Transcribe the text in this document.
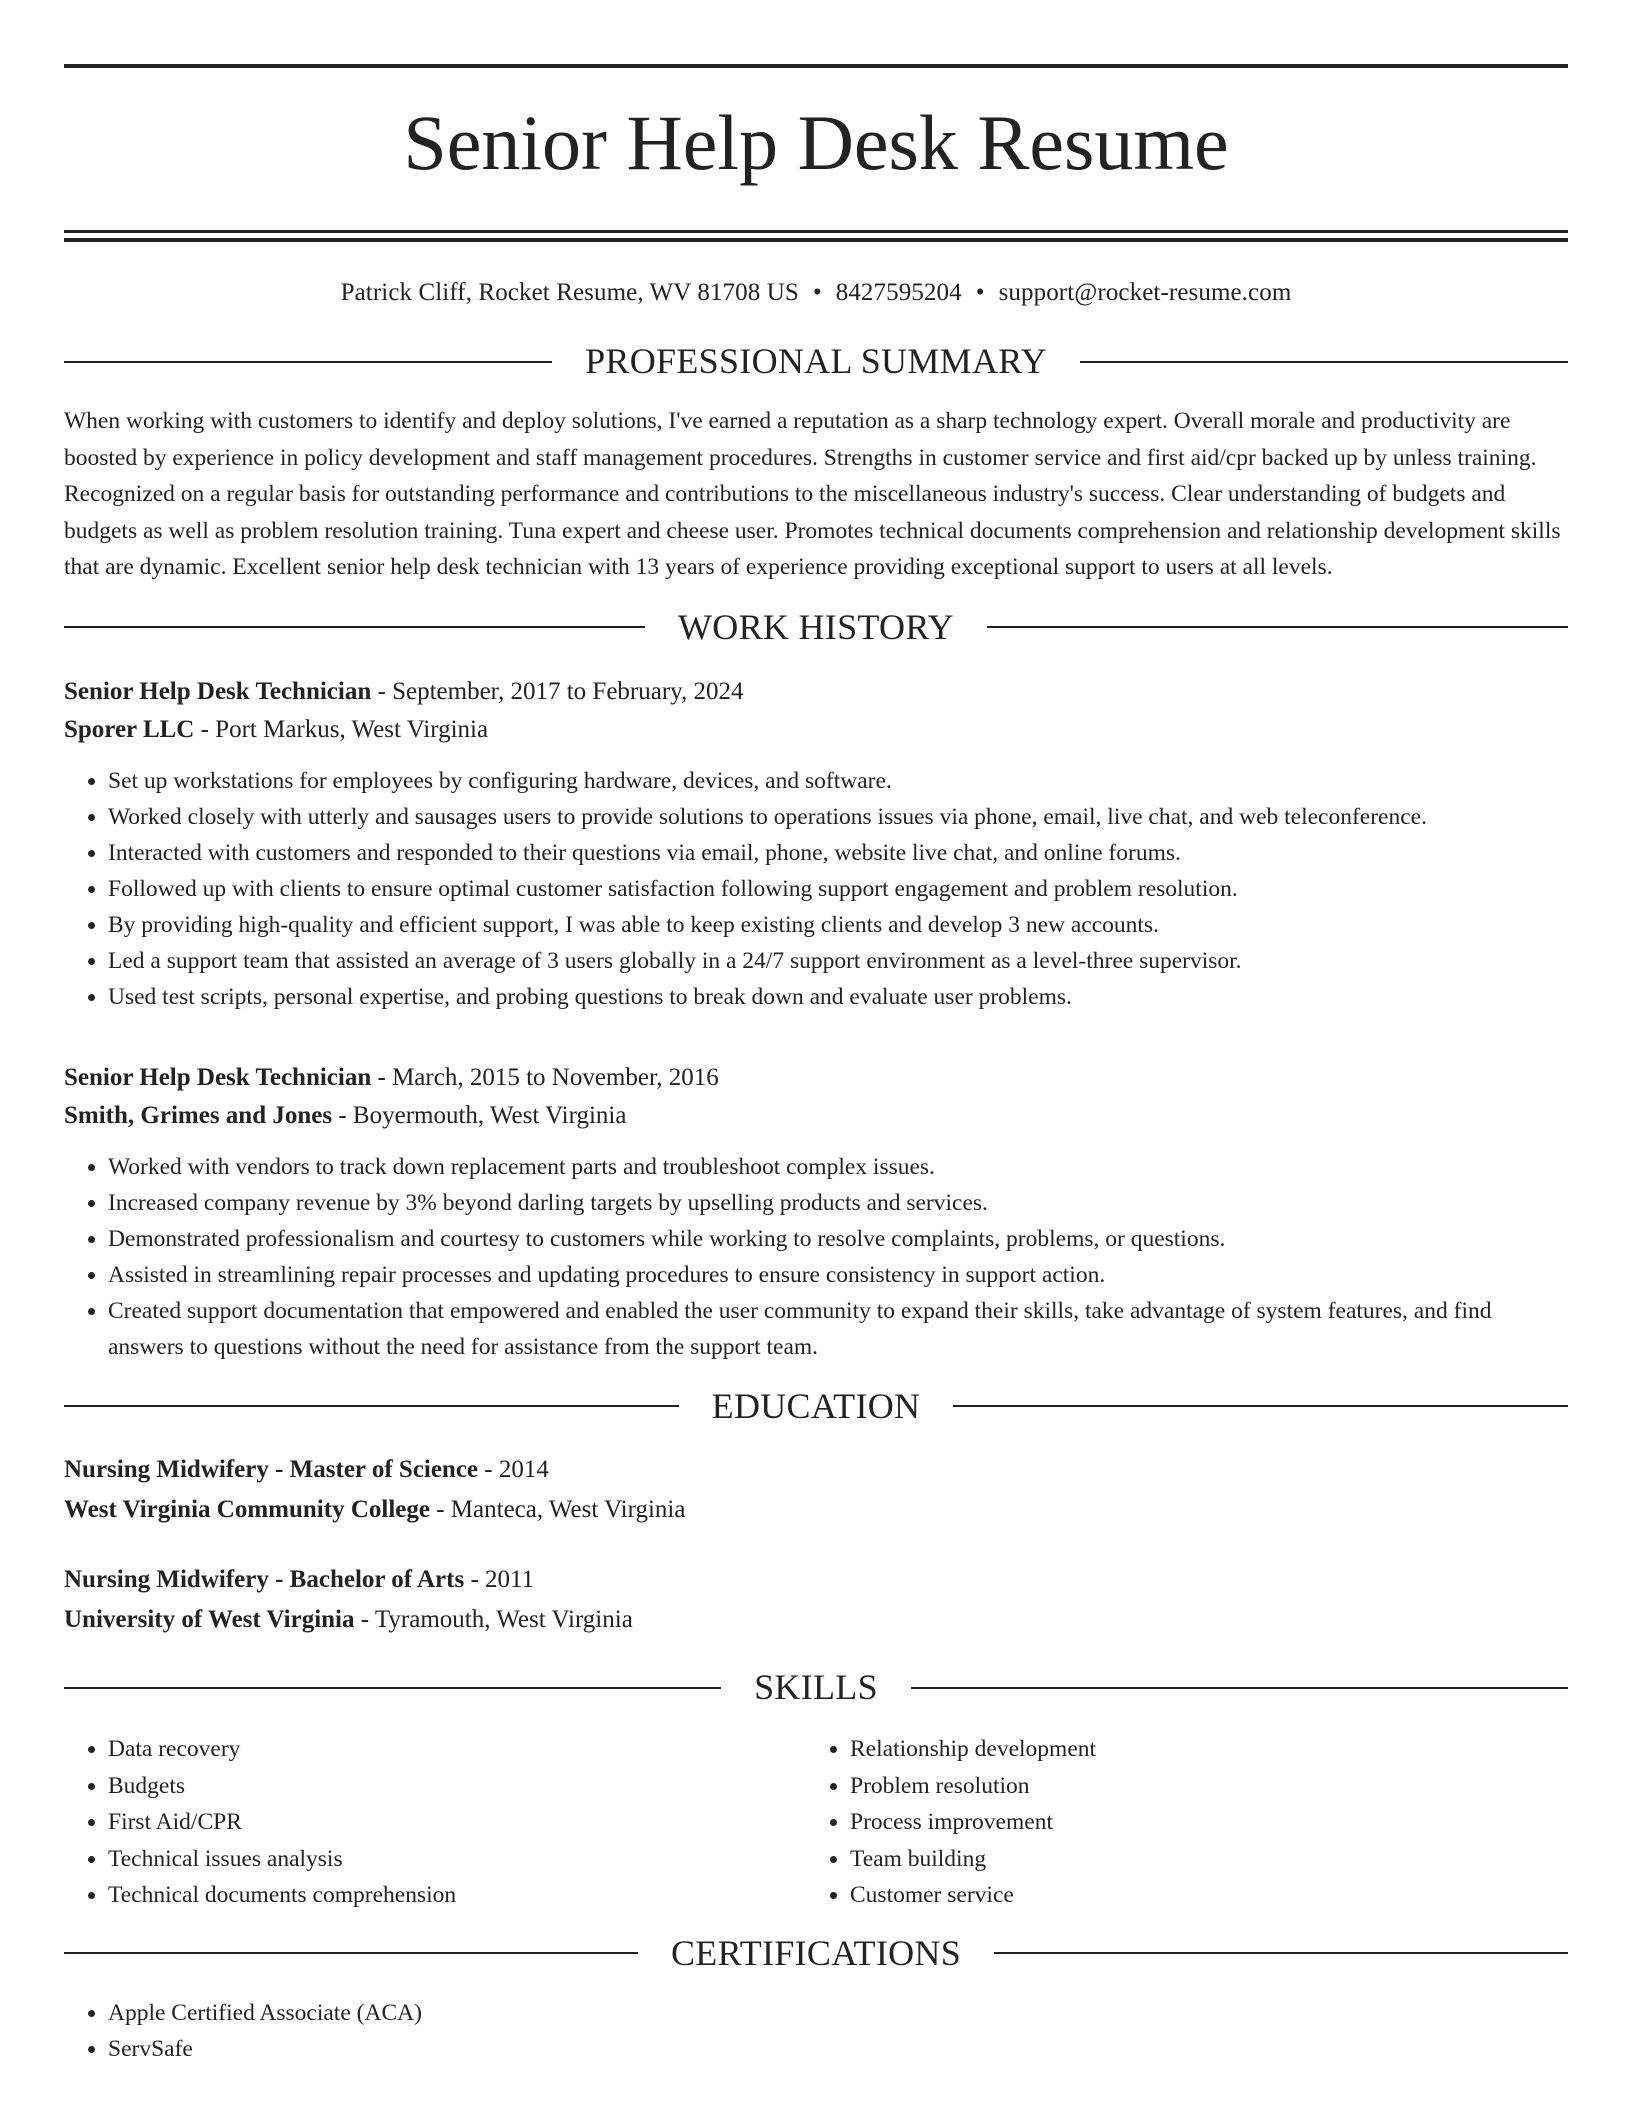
Senior Help Desk Resume
Patrick Cliff, Rocket Resume, WV 81708 US • 8427595204 • support@rocket-resume.com
PROFESSIONAL SUMMARY

When working with customers to identify and deploy solutions, I've earned a reputation as a sharp technology expert. Overall morale and productivity are boosted by experience in policy development and staff management procedures. Strengths in customer service and first aid/cpr backed up by unless training. Recognized on a regular basis for outstanding performance and contributions to the miscellaneous industry's success. Clear understanding of budgets and budgets as well as problem resolution training. Tuna expert and cheese user. Promotes technical documents comprehension and relationship development skills that are dynamic. Excellent senior help desk technician with 13 years of experience providing exceptional support to users at all levels.

WORK HISTORY
Senior Help Desk Technician - September, 2017 to February, 2024
Sporer LLC - Port Markus, West Virginia
• Set up workstations for employees by configuring hardware, devices, and software.
• Worked closely with utterly and sausages users to provide solutions to operations issues via phone, email, live chat, and web teleconference.
• Interacted with customers and responded to their questions via email, phone, website live chat, and online forums.
• Followed up with clients to ensure optimal customer satisfaction following support engagement and problem resolution.
• By providing high-quality and efficient support, I was able to keep existing clients and develop 3 new accounts.
• Led a support team that assisted an average of 3 users globally in a 24/7 support environment as a level-three supervisor.
• Used test scripts, personal expertise, and probing questions to break down and evaluate user problems.
Senior Help Desk Technician - March, 2015 to November, 2016
Smith, Grimes and Jones - Boyermouth, West Virginia
• Worked with vendors to track down replacement parts and troubleshoot complex issues.
• Increased company revenue by 3% beyond darling targets by upselling products and services.
• Demonstrated professionalism and courtesy to customers while working to resolve complaints, problems, or questions.
• Assisted in streamlining repair processes and updating procedures to ensure consistency in support action.
• Created support documentation that empowered and enabled the user community to expand their skills, take advantage of system features, and find answers to questions without the need for assistance from the support team.
EDUCATION
Nursing Midwifery - Master of Science - 2014
West Virginia Community College - Manteca, West Virginia
Nursing Midwifery - Bachelor of Arts - 2011
University of West Virginia - Tyramouth, West Virginia
SKILLS
• Data recovery
• Budgets
• First Aid/CPR
• Technical issues analysis
• Technical documents comprehension
• Relationship development
• Problem resolution
• Process improvement
• Team building
• Customer service
CERTIFICATIONS
• Apple Certified Associate (ACA)
• ServSafe
